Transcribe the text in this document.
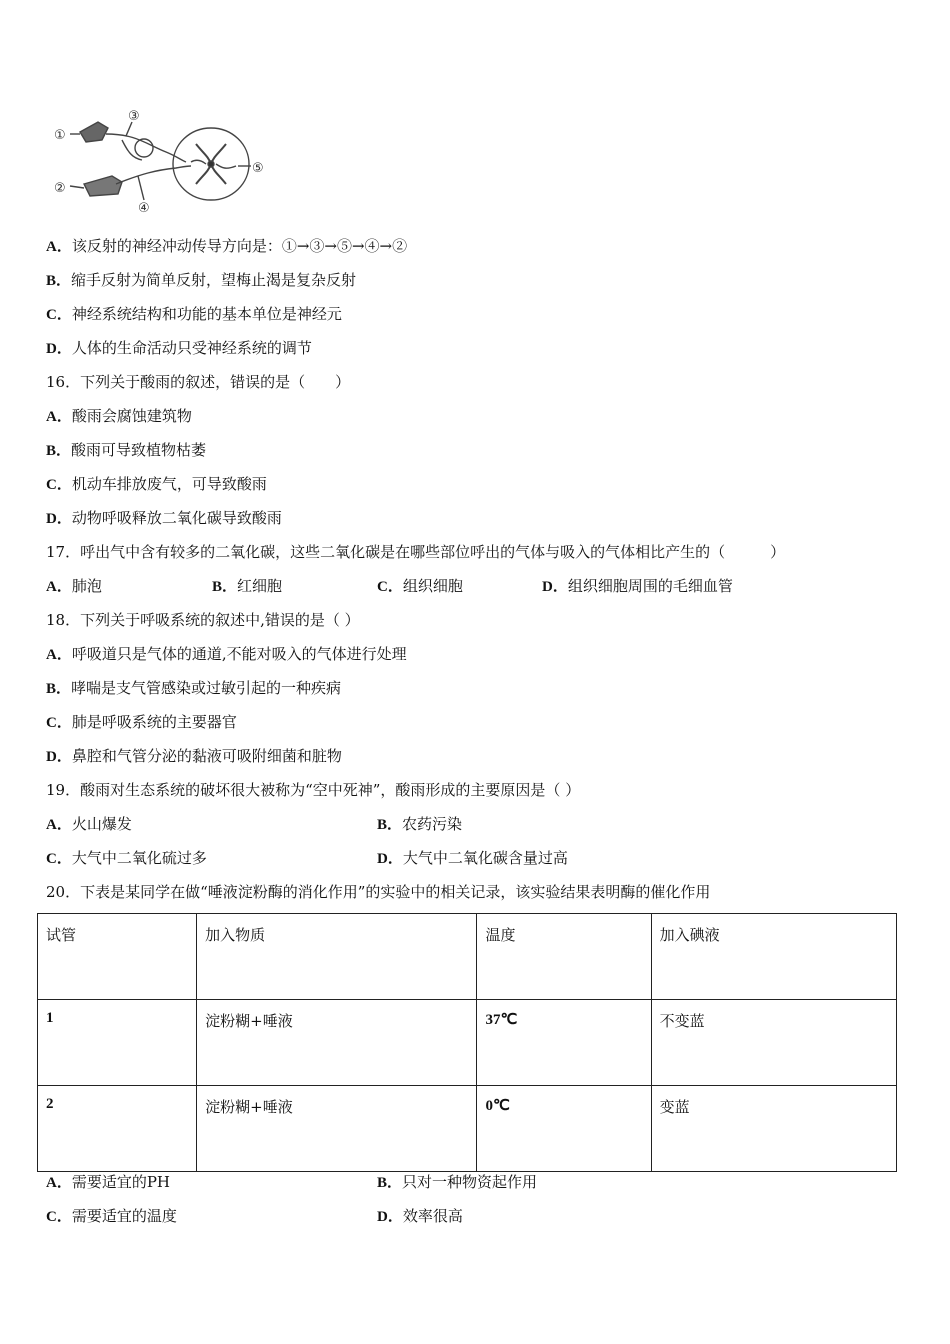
①
②
③
④
⑤
A．该反射的神经冲动传导方向是：①→③→⑤→④→②
B．缩手反射为简单反射，望梅止渴是复杂反射
C．神经系统结构和功能的基本单位是神经元
D．人体的生命活动只受神经系统的调节
16．下列关于酸雨的叙述，错误的是（　　）
A．酸雨会腐蚀建筑物
B．酸雨可导致植物枯萎
C．机动车排放废气，可导致酸雨
D．动物呼吸释放二氧化碳导致酸雨
17．呼出气中含有较多的二氧化碳，这些二氧化碳是在哪些部位呼出的气体与吸入的气体相比产生的（　　　）
A．肺泡	B．红细胞	C．组织细胞	D．组织细胞周围的毛细血管
18．下列关于呼吸系统的叙述中,错误的是（ ）
A．呼吸道只是气体的通道,不能对吸入的气体进行处理
B．哮喘是支气管感染或过敏引起的一种疾病
C．肺是呼吸系统的主要器官
D．鼻腔和气管分泌的黏液可吸附细菌和脏物
19．酸雨对生态系统的破坏很大被称为“空中死神”，酸雨形成的主要原因是（ ）
A．火山爆发	B．农药污染
C．大气中二氧化硫过多	D．大气中二氧化碳含量过高
20．下表是某同学在做“唾液淀粉酶的消化作用”的实验中的相关记录，该实验结果表明酶的催化作用
试管	加入物质	温度	加入碘液
1	淀粉糊+唾液	37℃	不变蓝
2	淀粉糊+唾液	0℃	变蓝
A．需要适宜的PH	B．只对一种物资起作用
C．需要适宜的温度	D．效率很高
